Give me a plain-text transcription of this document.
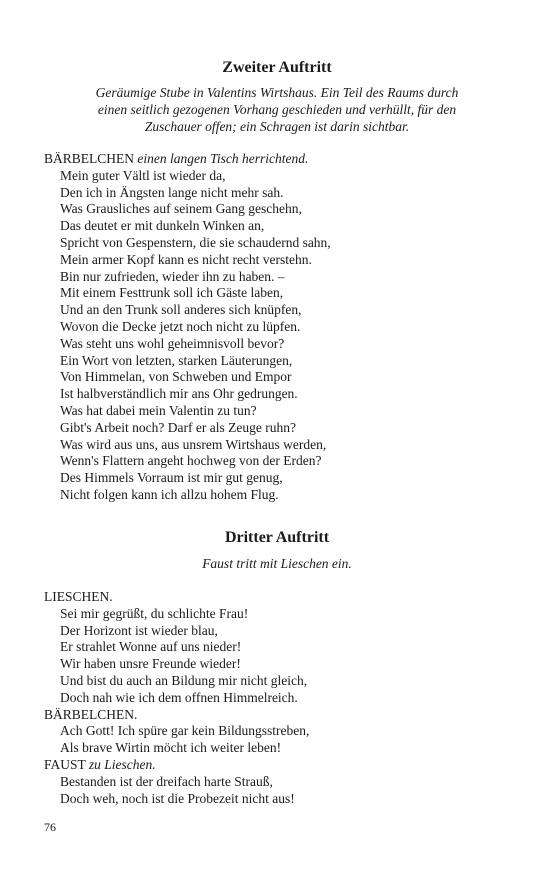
Zweiter Auftritt
Geräumige Stube in Valentins Wirtshaus. Ein Teil des Raums durch
einen seitlich gezogenen Vorhang geschieden und verhüllt, für den
Zuschauer offen; ein Schragen ist darin sichtbar.
BÄRBELCHEN einen langen Tisch herrichtend.
Mein guter Vältl ist wieder da,
Den ich in Ängsten lange nicht mehr sah.
Was Grausliches auf seinem Gang geschehn,
Das deutet er mit dunkeln Winken an,
Spricht von Gespenstern, die sie schaudernd sahn,
Mein armer Kopf kann es nicht recht verstehn.
Bin nur zufrieden, wieder ihn zu haben. –
Mit einem Festtrunk soll ich Gäste laben,
Und an den Trunk soll anderes sich knüpfen,
Wovon die Decke jetzt noch nicht zu lüpfen.
Was steht uns wohl geheimnisvoll bevor?
Ein Wort von letzten, starken Läuterungen,
Von Himmelan, von Schweben und Empor
Ist halbverständlich mir ans Ohr gedrungen.
Was hat dabei mein Valentin zu tun?
Gibt's Arbeit noch? Darf er als Zeuge ruhn?
Was wird aus uns, aus unsrem Wirtshaus werden,
Wenn's Flattern angeht hochweg von der Erden?
Des Himmels Vorraum ist mir gut genug,
Nicht folgen kann ich allzu hohem Flug.
Dritter Auftritt
Faust tritt mit Lieschen ein.
LIESCHEN.
Sei mir gegrüßt, du schlichte Frau!
Der Horizont ist wieder blau,
Er strahlet Wonne auf uns nieder!
Wir haben unsre Freunde wieder!
Und bist du auch an Bildung mir nicht gleich,
Doch nah wie ich dem offnen Himmelreich.
BÄRBELCHEN.
Ach Gott! Ich spüre gar kein Bildungsstreben,
Als brave Wirtin möcht ich weiter leben!
FAUST zu Lieschen.
Bestanden ist der dreifach harte Strauß,
Doch weh, noch ist die Probezeit nicht aus!
76
